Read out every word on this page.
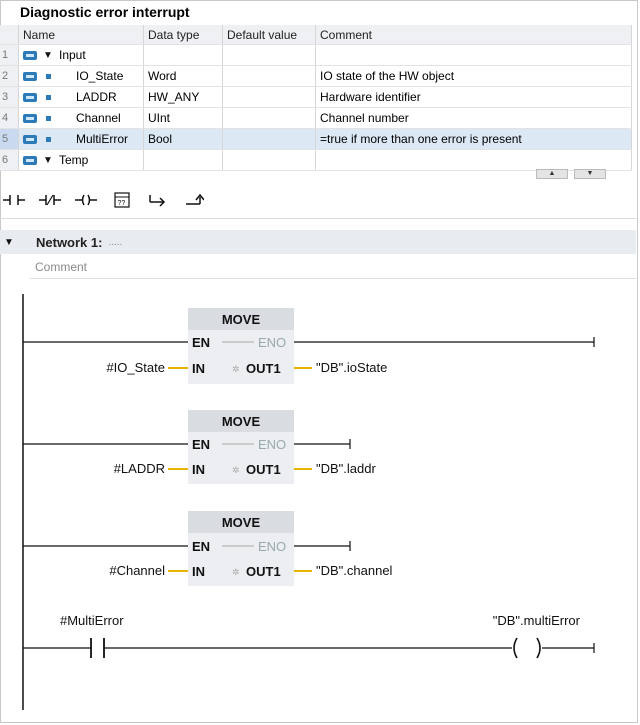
Diagnostic error interrupt
	Name	Data type	Default value	Comment
1	▼ Input			

2	IO_State	Word		IO state of the HW object
3	LADDR	HW_ANY		Hardware identifier
4	Channel	UInt		Channel number
5	MultiError	Bool		=true if more than one error is present
6	▼ Temp			

▲	▼
??
▼ Network 1: .....
Comment
MOVE
EN	ENO
IN	✲ OUT1
#IO_State	"DB".ioState
MOVE
EN	ENO
IN	✲ OUT1
#LADDR	"DB".laddr
MOVE
EN	ENO
IN	✲ OUT1
#Channel	"DB".channel
#MultiError	"DB".multiError
